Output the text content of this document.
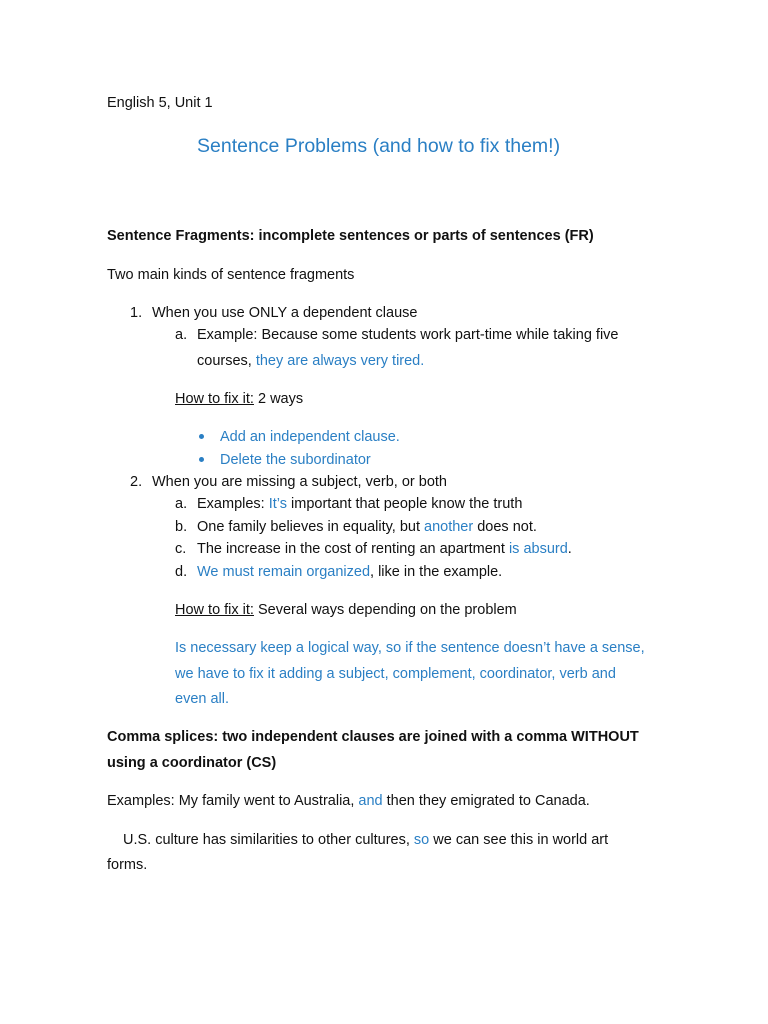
English 5, Unit 1
Sentence Problems (and how to fix them!)
Sentence Fragments: incomplete sentences or parts of sentences (FR)
Two main kinds of sentence fragments
1. When you use ONLY a dependent clause
a. Example: Because some students work part-time while taking five
courses, they are always very tired.
How to fix it: 2 ways
Add an independent clause.
Delete the subordinator
2. When you are missing a subject, verb, or both
a. Examples: It’s important that people know the truth
b. One family believes in equality, but another does not.
c. The increase in the cost of renting an apartment is absurd.
d. We must remain organized, like in the example.
How to fix it: Several ways depending on the problem
Is necessary keep a logical way, so if the sentence doesn’t have a sense,
we have to fix it adding a subject, complement, coordinator, verb and
even all.
Comma splices: two independent clauses are joined with a comma WITHOUT
using a coordinator (CS)
Examples: My family went to Australia, and then they emigrated to Canada.
U.S. culture has similarities to other cultures, so we can see this in world art
forms.
